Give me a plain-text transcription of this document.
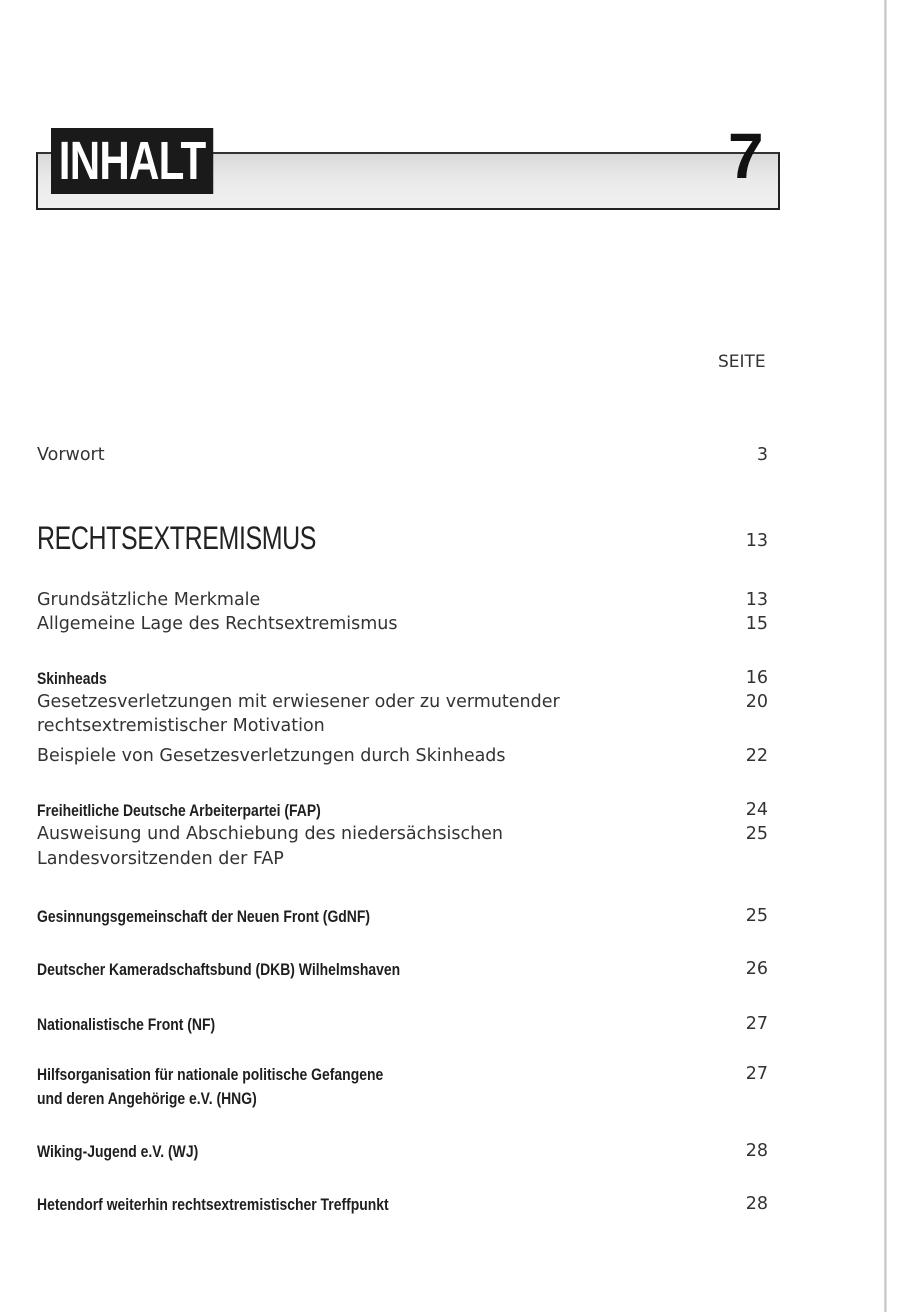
INHALT	7
SEITE
Vorwort	3
RECHTSEXTREMISMUS	13
Grundsätzliche Merkmale	13
Allgemeine Lage des Rechtsextremismus	15
Skinheads	16
Gesetzesverletzungen mit erwiesener oder zu vermutender	20
rechtsextremistischer Motivation
Beispiele von Gesetzesverletzungen durch Skinheads	22
Freiheitliche Deutsche Arbeiterpartei (FAP)	24
Ausweisung und Abschiebung des niedersächsischen	25
Landesvorsitzenden der FAP
Gesinnungsgemeinschaft der Neuen Front (GdNF)	25
Deutscher Kameradschaftsbund (DKB) Wilhelmshaven	26
Nationalistische Front (NF)	27
Hilfsorganisation für nationale politische Gefangene	27
und deren Angehörige e.V. (HNG)
Wiking-Jugend e.V. (WJ)	28
Hetendorf weiterhin rechtsextremistischer Treffpunkt	28
